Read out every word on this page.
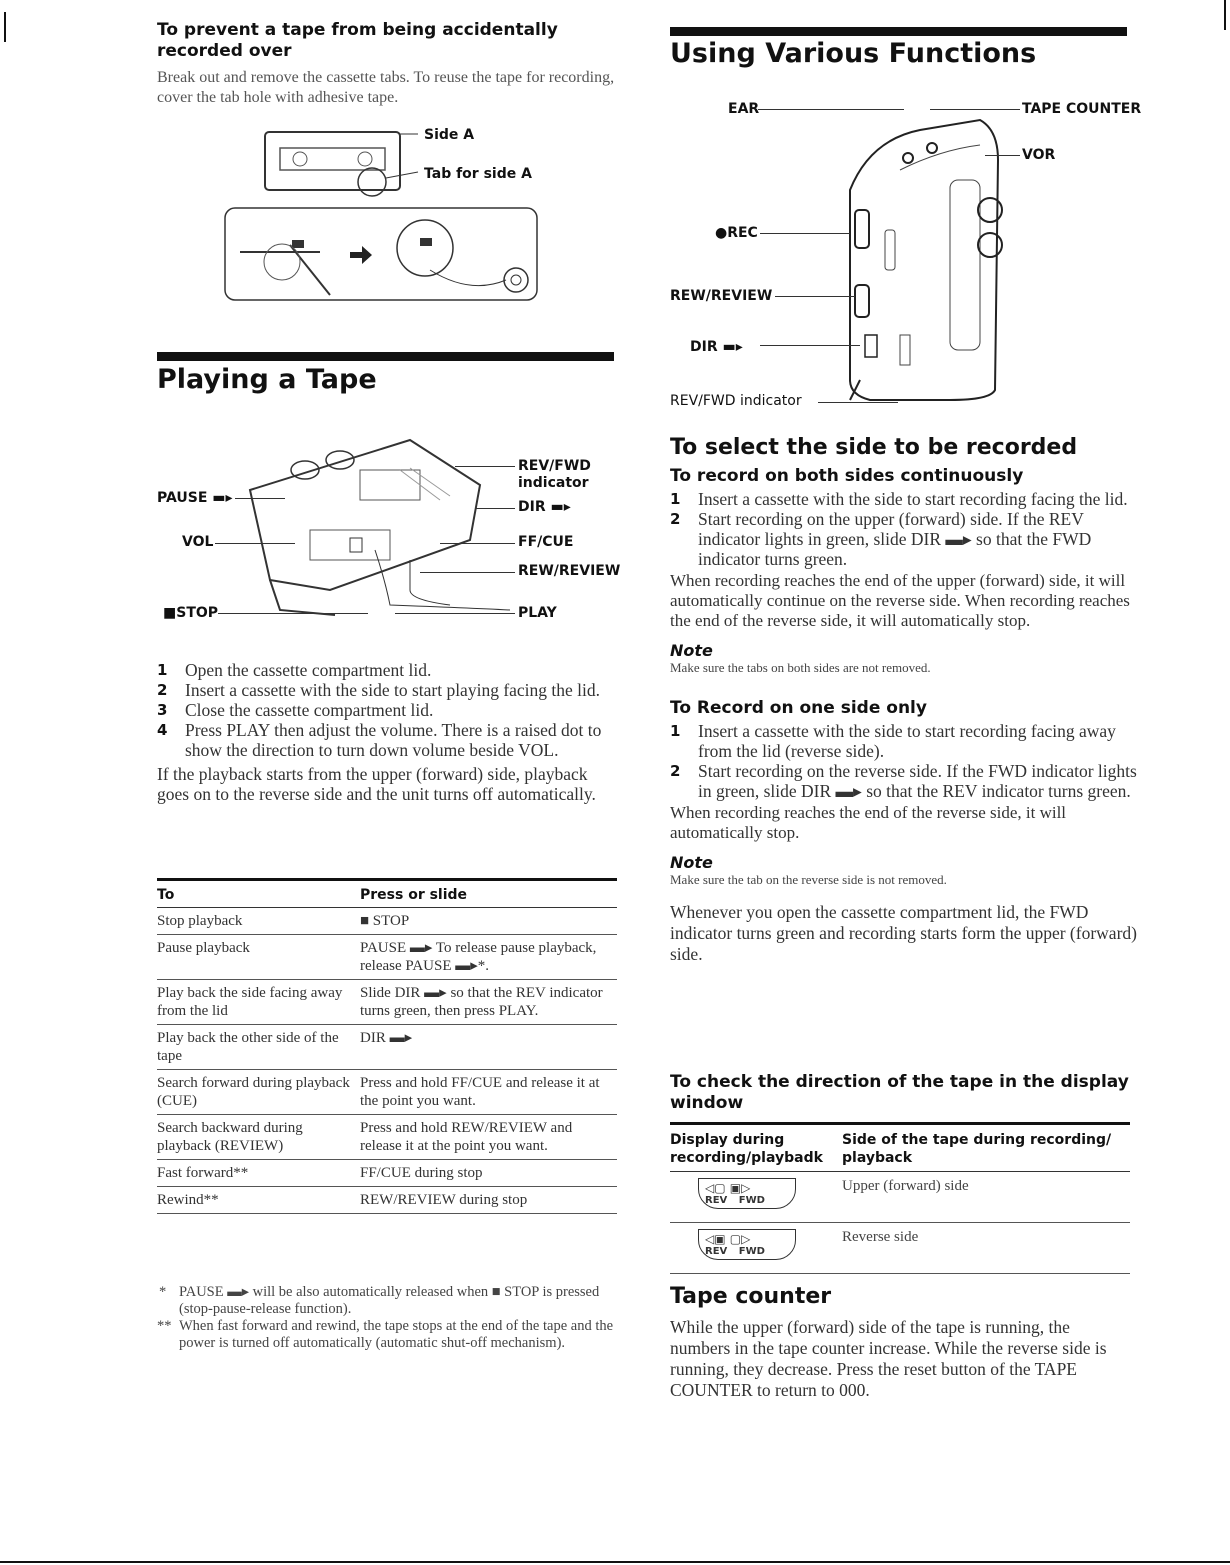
To prevent a tape from being accidentally recorded over
Break out and remove the cassette tabs. To reuse the tape for recording, cover the tab hole with adhesive tape.
Side A
Tab for side A
Playing a Tape
REV/FWD
indicator
DIR ▬▸
FF/CUE
REW/REVIEW
PLAY
PAUSE ▬▸
VOL
■STOP
1 Open the cassette compartment lid.
2 Insert a cassette with the side to start playing facing the lid.
3 Close the cassette compartment lid.
4 Press PLAY then adjust the volume. There is a raised dot to show the direction to turn down volume beside VOL.
If the playback starts from the upper (forward) side, playback goes on to the reverse side and the unit turns off automatically.
To	Press or slide
Stop playback	■ STOP
Pause playback	PAUSE ▬▸ To release pause playback, release PAUSE ▬▸*.
Play back the side facing away from the lid	Slide DIR ▬▸ so that the REV indicator turns green, then press PLAY.
Play back the other side of the tape	DIR ▬▸
Search forward during playback (CUE)	Press and hold FF/CUE and release it at the point you want.
Search backward during playback (REVIEW)	Press and hold REW/REVIEW and release it at the point you want.
Fast forward**	FF/CUE during stop
Rewind**	REW/REVIEW during stop
* PAUSE ▬▸ will be also automatically released when ■ STOP is pressed (stop-pause-release function).
** When fast forward and rewind, the tape stops at the end of the tape and the power is turned off automatically (automatic shut-off mechanism).
Using Various Functions
EAR	TAPE COUNTER
VOR
●REC
REW/REVIEW
DIR ▬▸
REV/FWD indicator
To select the side to be recorded
To record on both sides continuously
1 Insert a cassette with the side to start recording facing the lid.
2 Start recording on the upper (forward) side. If the REV indicator lights in green, slide DIR ▬▸ so that the FWD indicator turns green.
When recording reaches the end of the upper (forward) side, it will automatically continue on the reverse side. When recording reaches the end of the reverse side, it will automatically stop.
Note
Make sure the tabs on both sides are not removed.
To Record on one side only
1 Insert a cassette with the side to start recording facing away from the lid (reverse side).
2 Start recording on the reverse side. If the FWD indicator lights in green, slide DIR ▬▸ so that the REV indicator turns green.
When recording reaches the end of the reverse side, it will automatically stop.
Note
Make sure the tab on the reverse side is not removed.
Whenever you open the cassette compartment lid, the FWD indicator turns green and recording starts form the upper (forward) side.
To check the direction of the tape in the display window
Display during recording/playbadk	Side of the tape during recording/ playback

◁▢ ▣▷
REV FWD	Upper (forward) side

◁▣ ▢▷
REV FWD	Reverse side
Tape counter
While the upper (forward) side of the tape is running, the numbers in the tape counter increase. While the reverse side is running, they decrease. Press the reset button of the TAPE COUNTER to return to 000.
